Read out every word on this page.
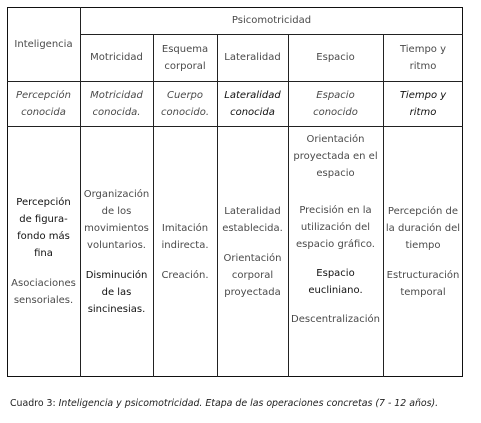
Inteligencia
Psicomotricidad
Motricidad
Esquema corporal
Lateralidad	Espacio
Tiempo y ritmo
Percepción conocida
Motricidad conocida.
Cuerpo conocido.
Lateralidad conocida
Espacio conocido
Tiempo y ritmo
Percepción de figura-fondo más fina
Asociaciones sensoriales.
Organización de los movimientos voluntarios.
Disminución de las sincinesias.
Imitación indirecta.
Creación.
Lateralidad establecida.
Orientación corporal proyectada
Orientación proyectada en el espacio
Precisión en la utilización del espacio gráfico.
Espacio eucliniano.
Descentralización
Percepción de la duración del tiempo
Estructuración temporal
Cuadro 3: Inteligencia y psicomotricidad. Etapa de las operaciones concretas (7 - 12 años).
